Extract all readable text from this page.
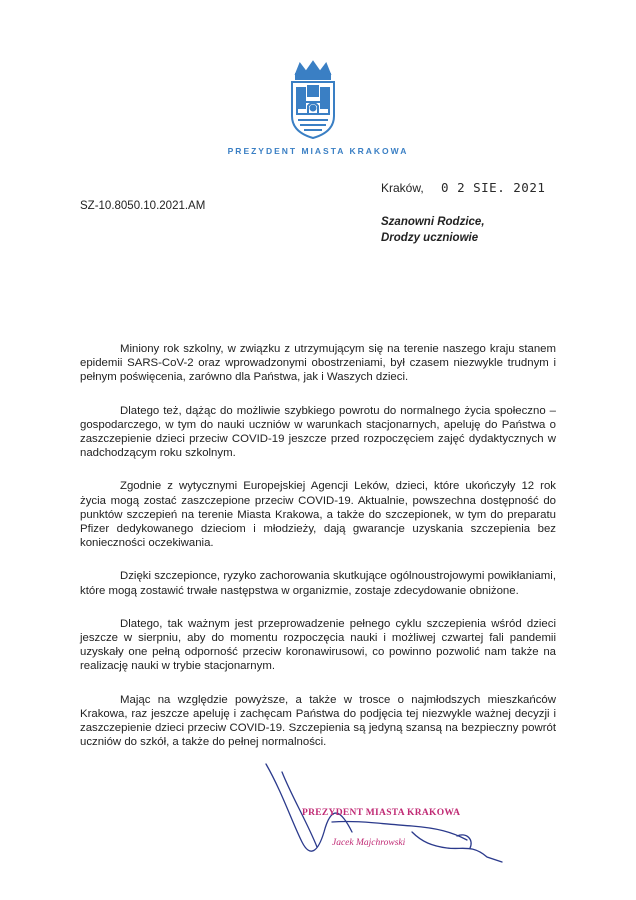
PREZYDENT MIASTA KRAKOWA
Kraków, 0 2 SIE. 2021
SZ-10.8050.10.2021.AM
Szanowni Rodzice,
Drodzy uczniowie

Miniony rok szkolny, w związku z utrzymującym się na terenie naszego kraju stanem epidemii SARS-CoV-2 oraz wprowadzonymi obostrzeniami, był czasem niezwykle trudnym i pełnym poświęcenia, zarówno dla Państwa, jak i Waszych dzieci.

Dlatego też, dążąc do możliwie szybkiego powrotu do normalnego życia społeczno – gospodarczego, w tym do nauki uczniów w warunkach stacjonarnych, apeluję do Państwa o zaszczepienie dzieci przeciw COVID-19 jeszcze przed rozpoczęciem zajęć dydaktycznych w nadchodzącym roku szkolnym.

Zgodnie z wytycznymi Europejskiej Agencji Leków, dzieci, które ukończyły 12 rok życia mogą zostać zaszczepione przeciw COVID-19. Aktualnie, powszechna dostępność do punktów szczepień na terenie Miasta Krakowa, a także do szczepionek, w tym do preparatu Pfizer dedykowanego dzieciom i młodzieży, dają gwarancje uzyskania szczepienia bez konieczności oczekiwania.

Dzięki szczepionce, ryzyko zachorowania skutkujące ogólnoustrojowymi powikłaniami, które mogą zostawić trwałe następstwa w organizmie, zostaje zdecydowanie obniżone.

Dlatego, tak ważnym jest przeprowadzenie pełnego cyklu szczepienia wśród dzieci jeszcze w sierpniu, aby do momentu rozpoczęcia nauki i możliwej czwartej fali pandemii uzyskały one pełną odporność przeciw koronawirusowi, co powinno pozwolić nam także na realizację nauki w trybie stacjonarnym.

Mając na względzie powyższe, a także w trosce o najmłodszych mieszkańców Krakowa, raz jeszcze apeluję i zachęcam Państwa do podjęcia tej niezwykle ważnej decyzji i zaszczepienie dzieci przeciw COVID-19. Szczepienia są jedyną szansą na bezpieczny powrót uczniów do szkół, a także do pełnej normalności.

PREZYDENT MIASTA KRAKOWA
Jacek Majchrowski
